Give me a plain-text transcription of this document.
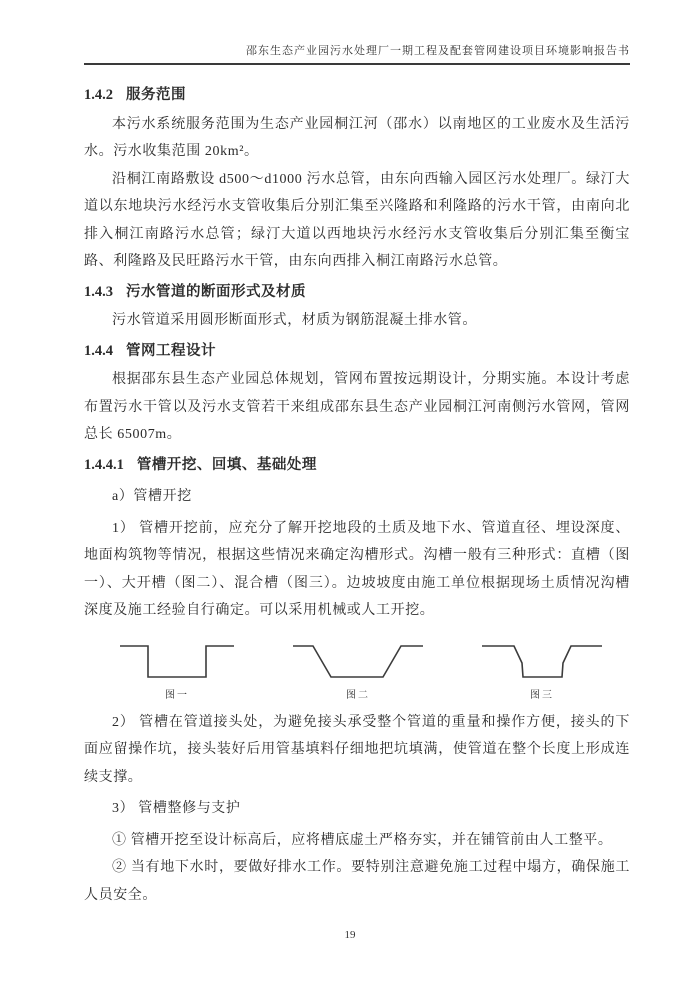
邵东生态产业园污水处理厂一期工程及配套管网建设项目环境影响报告书
1.4.2 服务范围

本污水系统服务范围为生态产业园桐江河（邵水）以南地区的工业废水及生活污水。污水收集范围 20km²。

沿桐江南路敷设 d500～d1000 污水总管，由东向西输入园区污水处理厂。绿汀大道以东地块污水经污水支管收集后分别汇集至兴隆路和利隆路的污水干管，由南向北排入桐江南路污水总管；绿汀大道以西地块污水经污水支管收集后分别汇集至衡宝路、利隆路及民旺路污水干管，由东向西排入桐江南路污水总管。

1.4.3 污水管道的断面形式及材质

污水管道采用圆形断面形式，材质为钢筋混凝土排水管。

1.4.4 管网工程设计

根据邵东县生态产业园总体规划，管网布置按远期设计，分期实施。本设计考虑布置污水干管以及污水支管若干来组成邵东县生态产业园桐江河南侧污水管网，管网总长 65007m。

1.4.4.1 管槽开挖、回填、基础处理

a）管槽开挖

1） 管槽开挖前，应充分了解开挖地段的土质及地下水、管道直径、埋设深度、地面构筑物等情况，根据这些情况来确定沟槽形式。沟槽一般有三种形式：直槽（图一）、大开槽（图二）、混合槽（图三）。边坡坡度由施工单位根据现场土质情况沟槽深度及施工经验自行确定。可以采用机械或人工开挖。

图一	图二	图三

2） 管槽在管道接头处，为避免接头承受整个管道的重量和操作方便，接头的下面应留操作坑，接头装好后用管基填料仔细地把坑填满，使管道在整个长度上形成连续支撑。

3） 管槽整修与支护

① 管槽开挖至设计标高后，应将槽底虚土严格夯实，并在铺管前由人工整平。

② 当有地下水时，要做好排水工作。要特别注意避免施工过程中塌方，确保施工人员安全。

19
